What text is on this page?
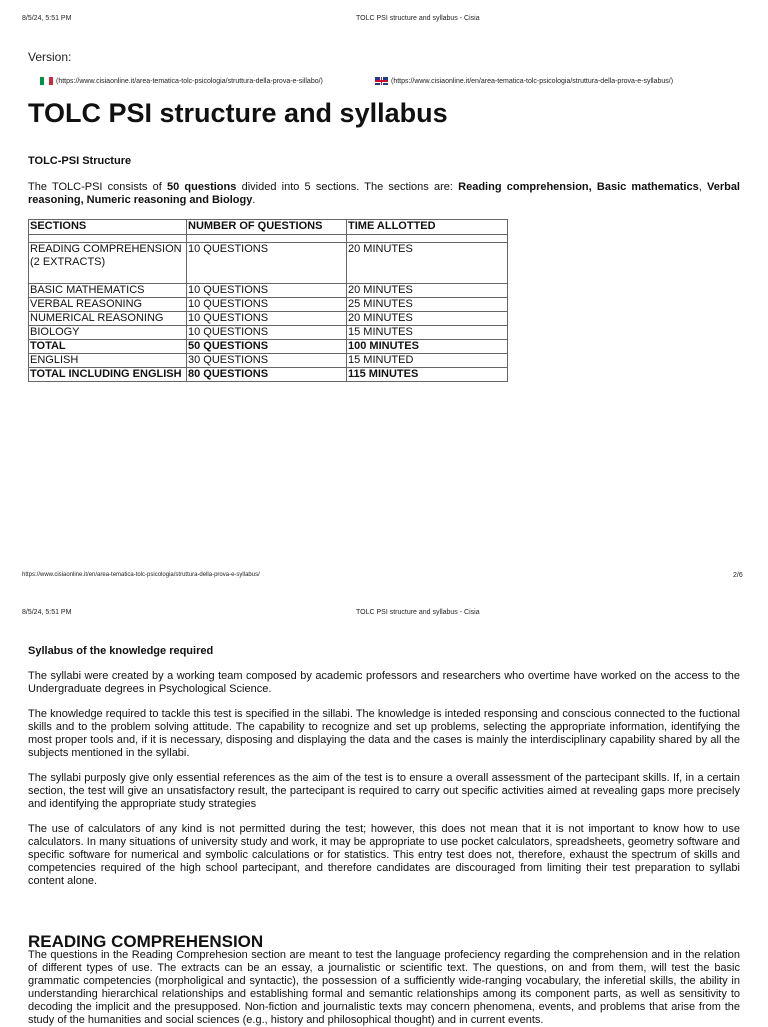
8/5/24, 5:51 PM	TOLC PSI structure and syllabus - Cisia
Version:
(https://www.cisiaonline.it/area-tematica-tolc-psicologia/struttura-della-prova-e-sillabo/)	(https://www.cisiaonline.it/en/area-tematica-tolc-psicologia/struttura-della-prova-e-syllabus/)
TOLC PSI structure and syllabus
TOLC-PSI Structure
The TOLC-PSI consists of 50 questions divided into 5 sections. The sections are: Reading comprehension, Basic mathematics, Verbal reasoning, Numeric reasoning and Biology.
SECTIONS	NUMBER OF QUESTIONS	TIME ALLOTTED

READING COMPREHENSION (2 EXTRACTS)	10 QUESTIONS	20 MINUTES
BASIC MATHEMATICS	10 QUESTIONS	20 MINUTES
VERBAL REASONING	10 QUESTIONS	25 MINUTES
NUMERICAL REASONING	10 QUESTIONS	20 MINUTES
BIOLOGY	10 QUESTIONS	15 MINUTES
TOTAL	50 QUESTIONS	100 MINUTES
ENGLISH	30 QUESTIONS	15 MINUTED
TOTAL INCLUDING ENGLISH	80 QUESTIONS	115 MINUTES
https://www.cisiaonline.it/en/area-tematica-tolc-psicologia/struttura-della-prova-e-syllabus/	2/6
8/5/24, 5:51 PM	TOLC PSI structure and syllabus - Cisia
Syllabus of the knowledge required
The syllabi were created by a working team composed by academic professors and researchers who overtime have worked on the access to the Undergraduate degrees in Psychological Science.
The knowledge required to tackle this test is specified in the sillabi. The knowledge is inteded responsing and conscious connected to the fuctional skills and to the problem solving attitude. The capability to recognize and set up problems, selecting the appropriate information, identifying the most proper tools and, if it is necessary, disposing and displaying the data and the cases is mainly the interdisciplinary capability shared by all the subjects mentioned in the syllabi.
The syllabi purposly give only essential references as the aim of the test is to ensure a overall assessment of the partecipant skills. If, in a certain section, the test will give an unsatisfactory result, the partecipant is required to carry out specific activities aimed at revealing gaps more precisely and identifying the appropriate study strategies
The use of calculators of any kind is not permitted during the test; however, this does not mean that it is not important to know how to use calculators. In many situations of university study and work, it may be appropriate to use pocket calculators, spreadsheets, geometry software and specific software for numerical and symbolic calculations or for statistics. This entry test does not, therefore, exhaust the spectrum of skills and competencies required of the high school partecipant, and therefore candidates are discouraged from limiting their test preparation to syllabi content alone.
READING COMPREHENSION
The questions in the Reading Comprehesion section are meant to test the language profeciency regarding the comprehension and in the relation of different types of use. The extracts can be an essay, a journalistic or scientific text. The questions, on and from them, will test the basic grammatic competencies (morpholigical and syntactic), the possession of a sufficiently wide-ranging vocabulary, the inferetial skills, the ability in understanding hierarchical relationships and establishing formal and semantic relationships among its component parts, as well as sensitivity to decoding the implicit and the presupposed. Non-fiction and journalistic texts may concern phenomena, events, and problems that arise from the study of the humanities and social sciences (e.g., history and philosophical thought) and in current events.
